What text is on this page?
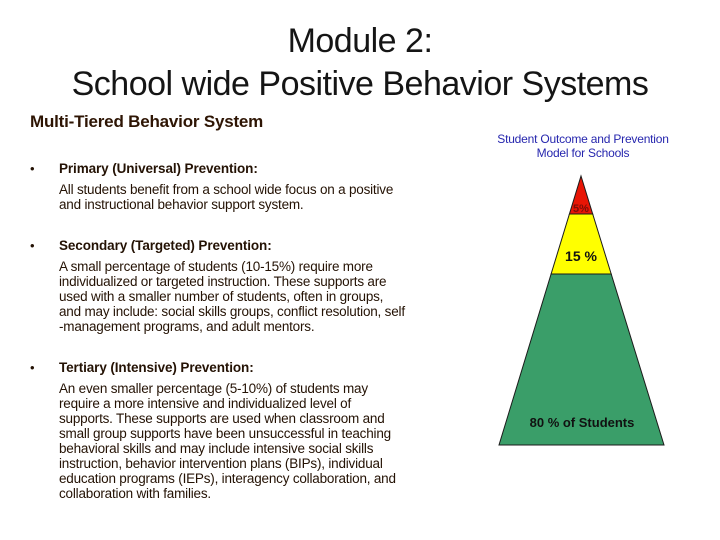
Module 2:
School wide Positive Behavior Systems
Multi-Tiered Behavior System
•	Primary (Universal) Prevention:
All students benefit from a school wide focus on a positive
and instructional behavior support system.
•	Secondary (Targeted) Prevention:
A small percentage of students (10-15%) require more
individualized or targeted instruction. These supports are
used with a smaller number of students, often in groups,
and may include: social skills groups, conflict resolution, self
-management programs, and adult mentors.
•	Tertiary (Intensive) Prevention:
An even smaller percentage (5-10%) of students may
require a more intensive and individualized level of
supports. These supports are used when classroom and
small group supports have been unsuccessful in teaching
behavioral skills and may include intensive social skills
instruction, behavior intervention plans (BIPs), individual
education programs (IEPs), interagency collaboration, and
collaboration with families.
Student Outcome and Prevention
Model for Schools
5%
15 %
80 % of Students
